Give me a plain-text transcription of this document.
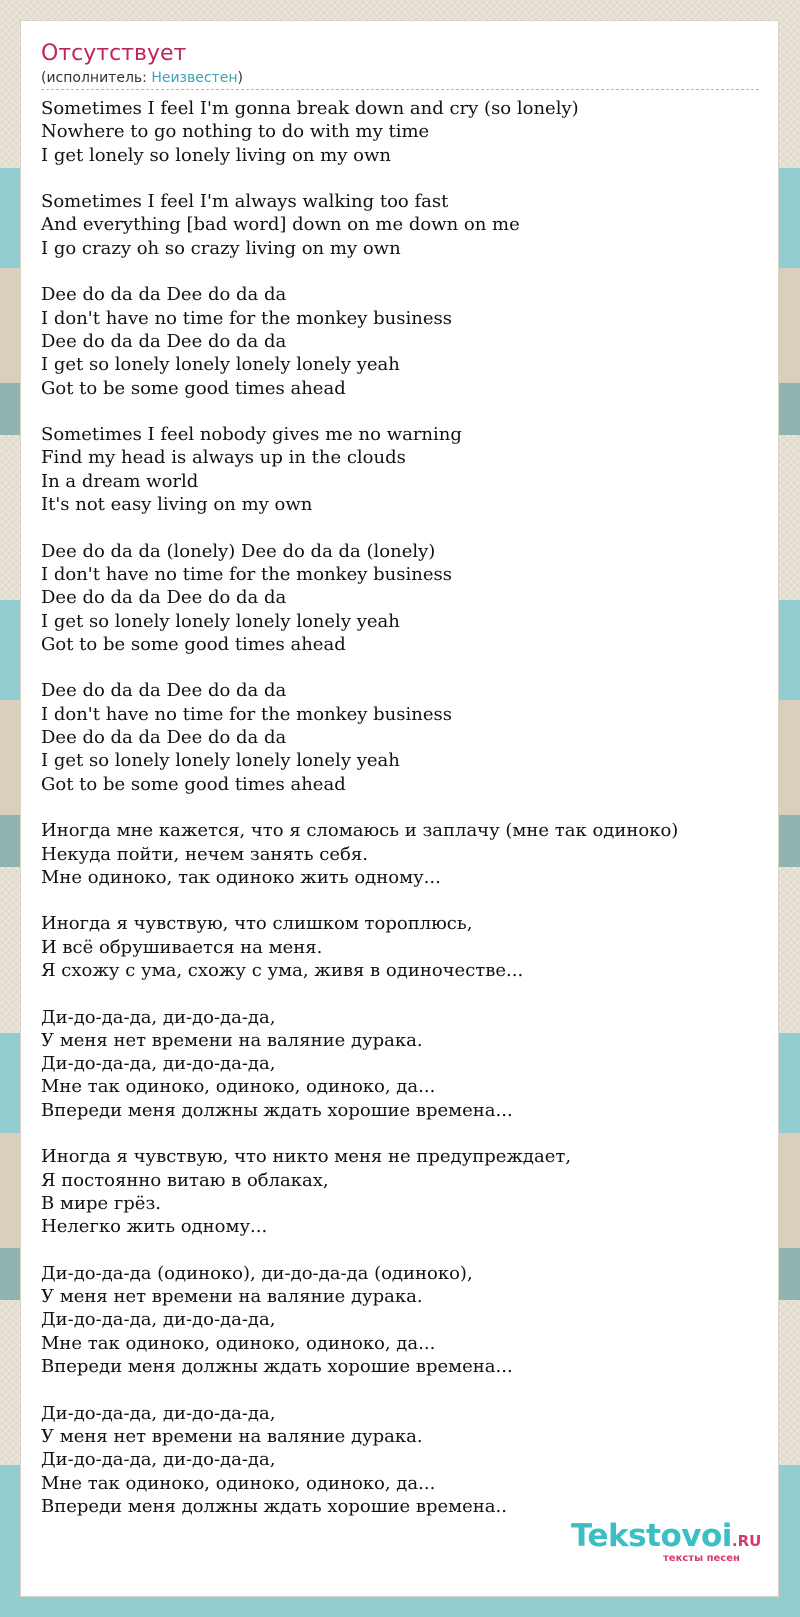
Отсутствует
(исполнитель: Неизвестен)
Sometimes I feel I'm gonna break down and cry (so lonely)
Nowhere to go nothing to do with my time
I get lonely so lonely living on my own
Sometimes I feel I'm always walking too fast
And everything [bad word] down on me down on me
I go crazy oh so crazy living on my own
Dee do da da Dee do da da
I don't have no time for the monkey business
Dee do da da Dee do da da
I get so lonely lonely lonely lonely yeah
Got to be some good times ahead
Sometimes I feel nobody gives me no warning
Find my head is always up in the clouds
In a dream world
It's not easy living on my own
Dee do da da (lonely) Dee do da da (lonely)
I don't have no time for the monkey business
Dee do da da Dee do da da
I get so lonely lonely lonely lonely yeah
Got to be some good times ahead
Dee do da da Dee do da da
I don't have no time for the monkey business
Dee do da da Dee do da da
I get so lonely lonely lonely lonely yeah
Got to be some good times ahead
Иногда мне кажется, что я сломаюсь и заплачу (мне так одиноко)
Некуда пойти, нечем занять себя.
Мне одиноко, так одиноко жить одному...
Иногда я чувствую, что слишком тороплюсь,
И всё обрушивается на меня.
Я схожу с ума, схожу с ума, живя в одиночестве...
Ди-до-да-да, ди-до-да-да,
У меня нет времени на валяние дурака.
Ди-до-да-да, ди-до-да-да,
Мне так одиноко, одиноко, одиноко, да...
Впереди меня должны ждать хорошие времена...
Иногда я чувствую, что никто меня не предупреждает,
Я постоянно витаю в облаках,
В мире грёз.
Нелегко жить одному...
Ди-до-да-да (одиноко), ди-до-да-да (одиноко),
У меня нет времени на валяние дурака.
Ди-до-да-да, ди-до-да-да,
Мне так одиноко, одиноко, одиноко, да...
Впереди меня должны ждать хорошие времена...
Ди-до-да-да, ди-до-да-да,
У меня нет времени на валяние дурака.
Ди-до-да-да, ди-до-да-да,
Мне так одиноко, одиноко, одиноко, да...
Впереди меня должны ждать хорошие времена..
Tekstovoi.RU
тексты песен
